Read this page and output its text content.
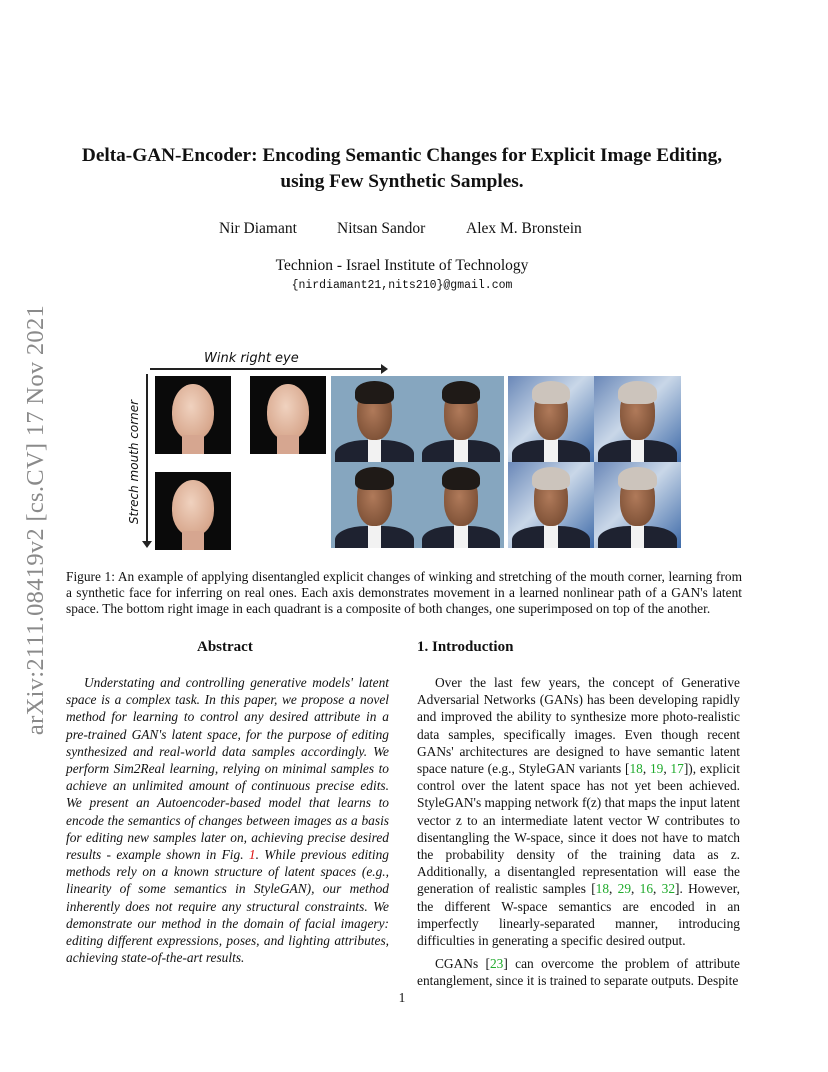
arXiv:2111.08419v2 [cs.CV] 17 Nov 2021
Delta-GAN-Encoder: Encoding Semantic Changes for Explicit Image Editing, using Few Synthetic Samples.
Nir Diamant	Nitsan Sandor	Alex M. Bronstein
Technion - Israel Institute of Technology
{nirdiamant21,nits210}@gmail.com
Wink right eye
Strech mouth corner
Figure 1: An example of applying disentangled explicit changes of winking and stretching of the mouth corner, learning from a synthetic face for inferring on real ones. Each axis demonstrates movement in a learned nonlinear path of a GAN's latent space. The bottom right image in each quadrant is a composite of both changes, one superimposed on top of the another.
Abstract	1. Introduction

Understating and controlling generative models' latent space is a complex task. In this paper, we propose a novel method for learning to control any desired attribute in a pre-trained GAN's latent space, for the purpose of editing synthesized and real-world data samples accordingly. We perform Sim2Real learning, relying on minimal samples to achieve an unlimited amount of continuous precise edits. We present an Autoencoder-based model that learns to encode the semantics of changes between images as a basis for editing new samples later on, achieving precise desired results - example shown in Fig. 1. While previous editing methods rely on a known structure of latent spaces (e.g., linearity of some semantics in StyleGAN), our method inherently does not require any structural constraints. We demonstrate our method in the domain of facial imagery: editing different expressions, poses, and lighting attributes, achieving state-of-the-art results.

Over the last few years, the concept of Generative Adversarial Networks (GANs) has been developing rapidly and improved the ability to synthesize more photo-realistic data samples, specifically images. Even though recent GANs' architectures are designed to have semantic latent space nature (e.g., StyleGAN variants [18, 19, 17]), explicit control over the latent space has not yet been achieved. StyleGAN's mapping network f(z) that maps the input latent vector z to an intermediate latent vector W contributes to disentangling the W-space, since it does not have to match the probability density of the training data as z. Additionally, a disentangled representation will ease the generation of realistic samples [18, 29, 16, 32]. However, the different W-space semantics are encoded in an imperfectly linearly-separated manner, introducing difficulties in generating a specific desired output.

CGANs [23] can overcome the problem of attribute entanglement, since it is trained to separate outputs. Despite

1
